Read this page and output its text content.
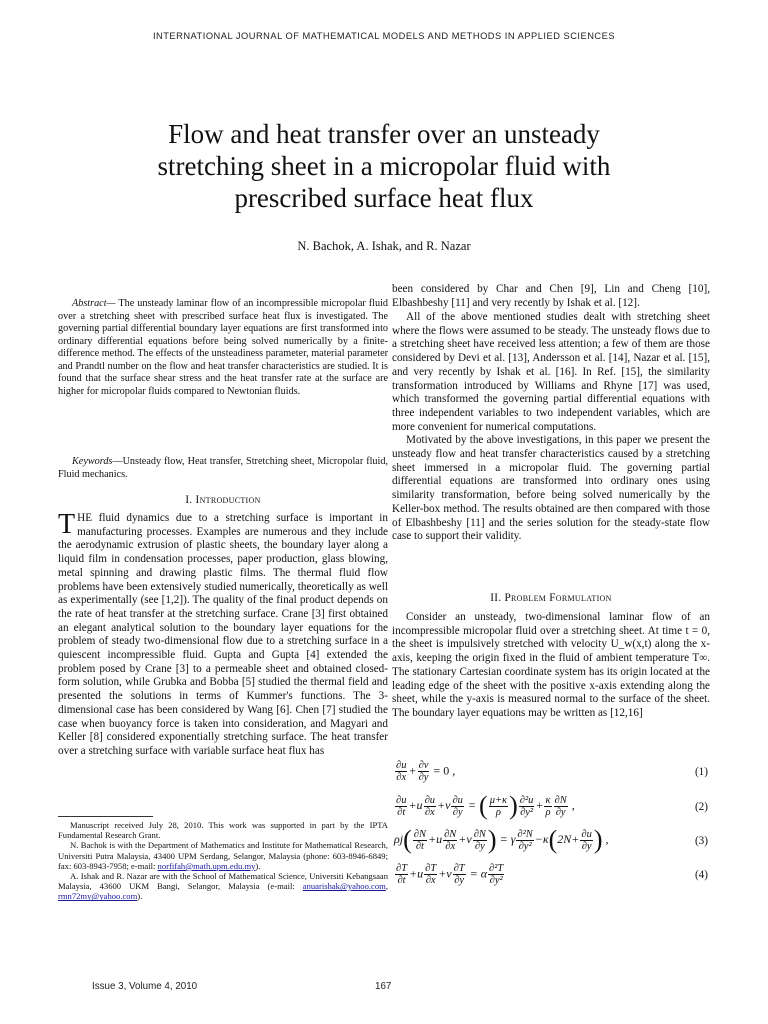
INTERNATIONAL JOURNAL OF MATHEMATICAL MODELS AND METHODS IN APPLIED SCIENCES
Flow and heat transfer over an unsteady
stretching sheet in a micropolar fluid with
prescribed surface heat flux
N. Bachok, A. Ishak, and R. Nazar

Abstract— The unsteady laminar flow of an incompressible micropolar fluid over a stretching sheet with prescribed surface heat flux is investigated. The governing partial differential boundary layer equations are first transformed into ordinary differential equations before being solved numerically by a finite-difference method. The effects of the unsteadiness parameter, material parameter and Prandtl number on the flow and heat transfer characteristics are studied. It is found that the surface shear stress and the heat transfer rate at the surface are higher for micropolar fluids compared to Newtonian fluids.

Keywords—Unsteady flow, Heat transfer, Stretching sheet, Micropolar fluid, Fluid mechanics.

I. Introduction

THE fluid dynamics due to a stretching surface is important in manufacturing processes. Examples are numerous and they include the aerodynamic extrusion of plastic sheets, the boundary layer along a liquid film in condensation processes, paper production, glass blowing, metal spinning and drawing plastic films. The thermal fluid flow problems have been extensively studied numerically, theoretically as well as experimentally (see [1,2]). The quality of the final product depends on the rate of heat transfer at the stretching surface. Crane [3] first obtained an elegant analytical solution to the boundary layer equations for the problem of steady two-dimensional flow due to a stretching surface in a quiescent incompressible fluid. Gupta and Gupta [4] extended the problem posed by Crane [3] to a permeable sheet and obtained closed-form solution, while Grubka and Bobba [5] studied the thermal field and presented the solutions in terms of Kummer's functions. The 3-dimensional case has been considered by Wang [6]. Chen [7] studied the case when buoyancy force is taken into consideration, and Magyari and Keller [8] considered exponentially stretching surface. The heat transfer over a stretching surface with variable surface heat flux has

Manuscript received July 28, 2010. This work was supported in part by the IPTA Fundamental Research Grant.

N. Bachok is with the Department of Mathematics and Institute for Mathematical Research, Universiti Putra Malaysia, 43400 UPM Serdang, Selangor, Malaysia (phone: 603-8946-6849; fax: 603-8943-7958; e-mail: norfifah@math.upm.edu.my).

A. Ishak and R. Nazar are with the School of Mathematical Science, Universiti Kebangsaan Malaysia, 43600 UKM Bangi, Selangor, Malaysia (e-mail: anuarishak@yahoo.com, rmn72my@yahoo.com).

been considered by Char and Chen [9], Lin and Cheng [10], Elbashbeshy [11] and very recently by Ishak et al. [12].

All of the above mentioned studies dealt with stretching sheet where the flows were assumed to be steady. The unsteady flows due to a stretching sheet have received less attention; a few of them are those considered by Devi et al. [13], Andersson et al. [14], Nazar et al. [15], and very recently by Ishak et al. [16]. In Ref. [15], the similarity transformation introduced by Williams and Rhyne [17] was used, which transformed the governing partial differential equations with three independent variables to two independent variables, which are more convenient for numerical computations.

Motivated by the above investigations, in this paper we present the unsteady flow and heat transfer characteristics caused by a stretching sheet immersed in a micropolar fluid. The governing partial differential equations are transformed into ordinary ones using similarity transformation, before being solved numerically by the Keller-box method. The results obtained are then compared with those of Elbashbeshy [11] and the series solution for the steady-state flow case to support their validity.

II. Problem Formulation

Consider an unsteady, two-dimensional laminar flow of an incompressible micropolar fluid over a stretching sheet. At time t = 0, the sheet is impulsively stretched with velocity U_w(x,t) along the x-axis, keeping the origin fixed in the fluid of ambient temperature T∞. The stationary Cartesian coordinate system has its origin located at the leading edge of the sheet with the positive x-axis extending along the sheet, while the y-axis is measured normal to the surface of the sheet. The boundary layer equations may be written as [12,16]

$\frac{\partial u}{\partial x} + \frac{\partial v}{\partial y} = 0$ ,	(1)
$\frac{\partial u}{\partial t} +u \frac{\partial u}{\partial x} +v \frac{\partial u}{\partial y}$ = ( $\frac{\mu+\kappa}{\rho}$ ) $\frac{\text{∂²u}}{\text{∂y²}} + \frac{\kappa}{\rho} \frac{\partial N}{\partial y}$ ,	(2)
$\rho j( \frac{\partial N}{\partial t} +u \frac{\partial N}{\partial x} +v \frac{\partial N}{\partial y}$ ) = γ $\frac{\text{∂²N}}{\text{∂y²}} -\kappa(2N+ \frac{\partial u}{\partial y}$ ) ,	(3)
$\frac{\partial T}{\partial t} +u \frac{\partial T}{\partial x} +v \frac{\partial T}{\partial y} = \alpha \frac{\text{∂²T}}{\text{∂y²}}$	(4)
Issue 3, Volume 4, 2010	167
